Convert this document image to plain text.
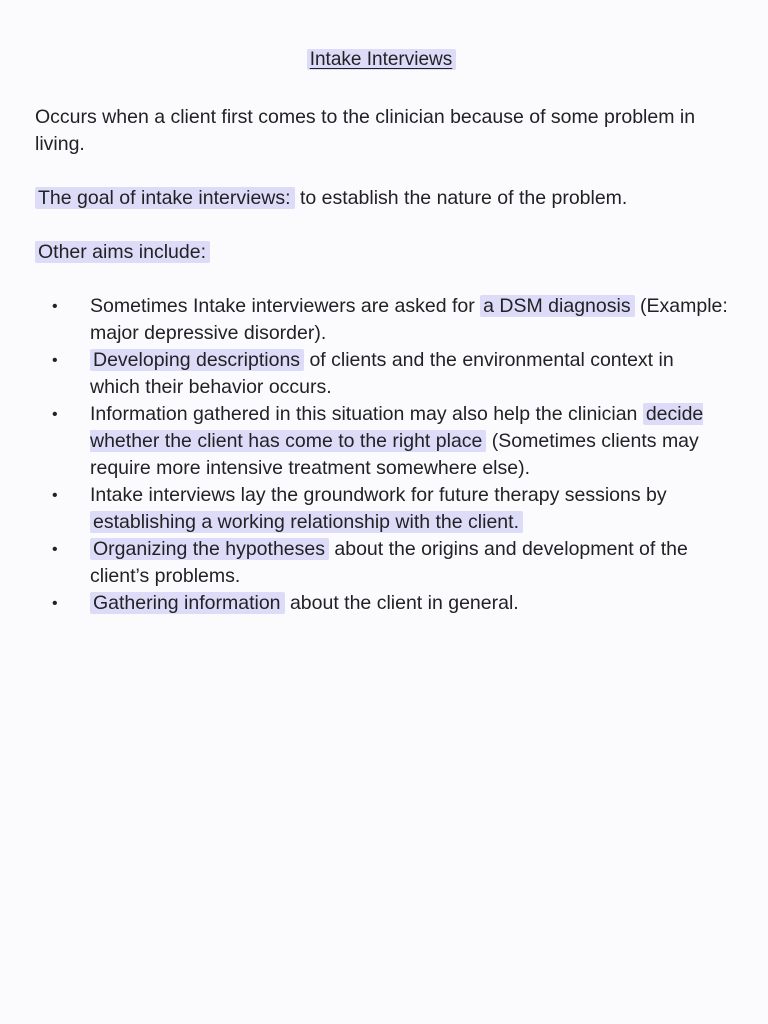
Intake Interviews

Occurs when a client first comes to the clinician because of some problem in living.

The goal of intake interviews: to establish the nature of the problem.

Other aims include:

• Sometimes Intake interviewers are asked for a DSM diagnosis (Example: major depressive disorder).
• Developing descriptions of clients and the environmental context in which their behavior occurs.
• Information gathered in this situation may also help the clinician decide whether the client has come to the right place (Sometimes clients may require more intensive treatment somewhere else).
• Intake interviews lay the groundwork for future therapy sessions by establishing a working relationship with the client.
• Organizing the hypotheses about the origins and development of the client’s problems.
• Gathering information about the client in general.
